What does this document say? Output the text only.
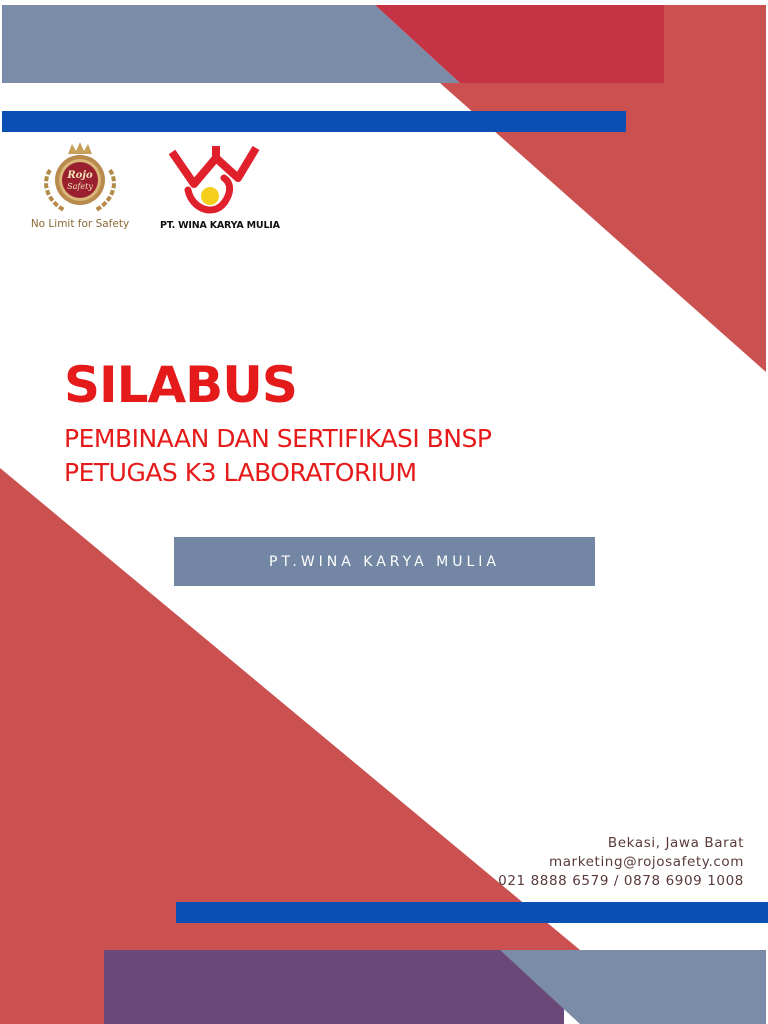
Rojo
Safety
No Limit for Safety	PT. WINA KARYA MULIA
SILABUS
PEMBINAAN DAN SERTIFIKASI BNSP
PETUGAS K3 LABORATORIUM
PT.WINA KARYA MULIA
Bekasi, Jawa Barat
marketing@rojosafety.com
021 8888 6579 / 0878 6909 1008
